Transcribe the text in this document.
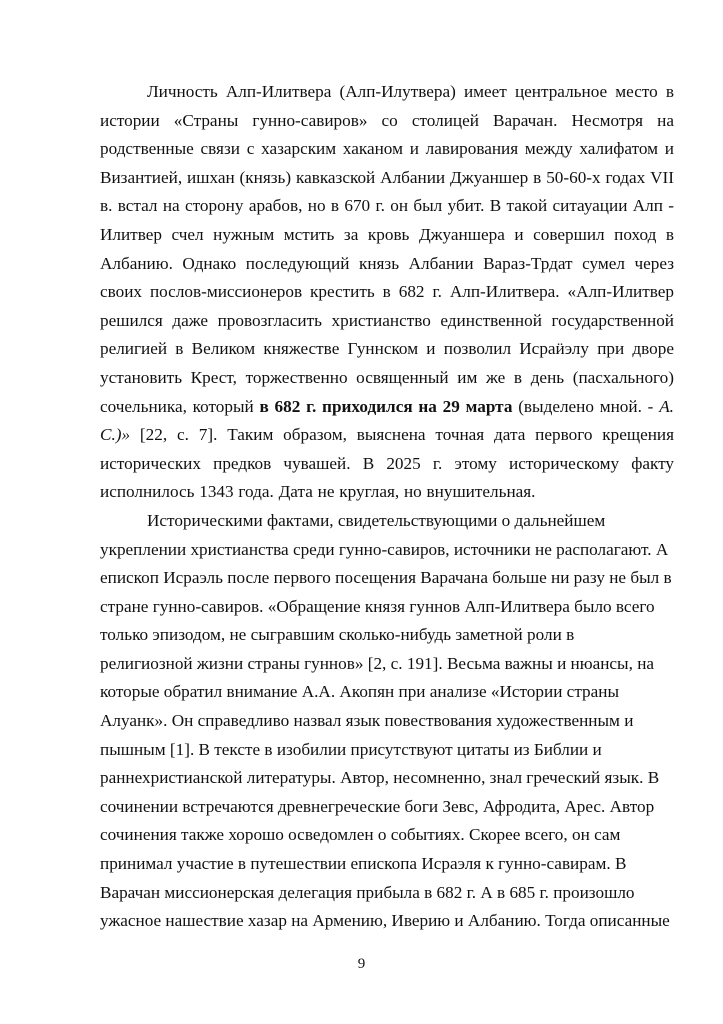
Личность Алп-Илитвера (Алп-Илутвера) имеет центральное место в истории «Страны гунно-савиров» со столицей Варачан. Несмотря на родственные связи с хазарским хаканом и лавирования между халифатом и Византией, ишхан (князь) кавказской Албании Джуаншер в 50-60-х годах VII в. встал на сторону арабов, но в 670 г. он был убит. В такой ситауации Алп - Илитвер счел нужным мстить за кровь Джуаншера и совершил поход в Албанию. Однако последующий князь Албании Вараз-Трдат сумел через своих послов-миссионеров крестить в 682 г. Алп-Илитвера. «Алп-Илитвер решился даже провозгласить христианство единственной государственной религией в Великом княжестве Гуннском и позволил Исраӥэлу при дворе установить Крест, торжественно освященный им же в день (пасхального) сочельника, который в 682 г. приходился на 29 марта (выделено мной. - А. С.)» [22, с. 7]. Таким образом, выяснена точная дата первого крещения исторических предков чувашей. В 2025 г. этому историческому факту исполнилось 1343 года. Дата не круглая, но внушительная.

Историческими фактами, свидетельствующими о дальнейшем
укреплении христианства среди гунно-савиров, источники не располагают. А
епископ Исраэль после первого посещения Варачана больше ни разу не был в
стране гунно-савиров. «Обращение князя гуннов Алп-Илитвера было всего
только эпизодом, не сыгравшим сколько-нибудь заметной роли в
религиозной жизни страны гуннов» [2, с. 191]. Весьма важны и нюансы, на
которые обратил внимание А.А. Акопян при анализе «Истории страны
Алуанк». Он справедливо назвал язык повествования художественным и
пышным [1]. В тексте в изобилии присутствуют цитаты из Библии и
раннехристианской литературы. Автор, несомненно, знал греческий язык. В
сочинении встречаются древнегреческие боги Зевс, Афродита, Арес. Автор
сочинения также хорошо осведомлен о событиях. Скорее всего, он сам
принимал участие в путешествии епископа Исраэля к гунно-савирам. В
Варачан миссионерская делегация прибыла в 682 г. А в 685 г. произошло
ужасное нашествие хазар на Армению, Иверию и Албанию. Тогда описанные
9
